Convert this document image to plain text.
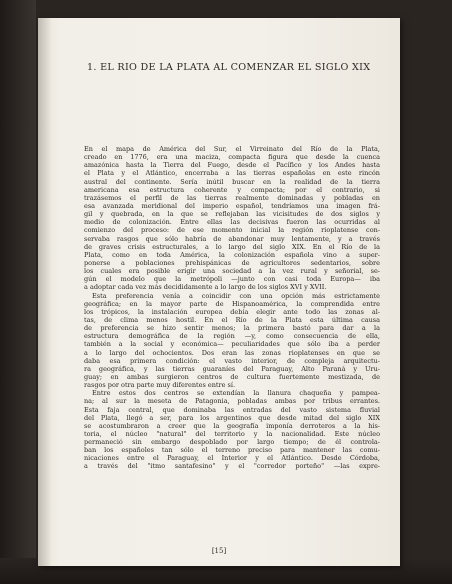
1. EL RIO DE LA PLATA AL COMENZAR EL SIGLO XIX
En el mapa de América del Sur, el Virreinato del Río de la Plata,
creado en 1776, era una maciza, compacta figura que desde la cuenca
amazónica hasta la Tierra del Fuego, desde el Pacífico y los Andes hasta
el Plata y el Atlántico, encerraba a las tierras españolas en este rincón
austral del continente. Sería inútil buscar en la realidad de la tierra
americana esa estructura coherente y compacta; por el contrario, si
trazásemos el perfil de las tierras realmente dominadas y pobladas en
esa avanzada meridional del imperio español, tendríamos una imagen frá-
gil y quebrada, en la que se reflejaban las vicisitudes de dos siglos y
medio de colonización. Entre ellas las decisivas fueron las ocurridas al
comienzo del proceso: de ese momento inicial la región rioplatense con-
servaba rasgos que sólo habría de abandonar muy lentamente, y a través
de graves crisis estructurales, a lo largo del siglo XIX. En el Río de la
Plata, como en toda América, la colonización española vino a super-
ponerse a poblaciones prehispánicas de agricultores sedentarios, sobre
los cuales era posible erigir una sociedad a la vez rural y señorial, se-
gún el modelo que la metrópoli —junto con casi toda Europa— iba
a adoptar cada vez más decididamente a lo largo de los siglos XVI y XVII.
Esta preferencia venía a coincidir con una opción más estrictamente
geográfica; en la mayor parte de Hispanoamérica, la comprendida entre
los trópicos, la instalación europea debía elegir ante todo las zonas al-
tas, de clima menos hostil. En el Río de la Plata esta última causa
de preferencia se hizo sentir menos; la primera bastó para dar a la
estructura demográfica de la región —y, como consecuencia de ella,
también a la social y económica— peculiaridades que sólo iba a perder
a lo largo del ochocientos. Dos eran las zonas rioplatenses en que se
daba esa primera condición: el vasto interior, de compleja arquitectu-
ra geográfica, y las tierras guaraníes del Paraguay, Alto Paraná y Uru-
guay; en ambas surgieron centros de cultura fuertemente mestizada, de
rasgos por otra parte muy diferentes entre sí.
Entre estos dos centros se extendían la llanura chaqueña y pampea-
na; al sur la meseta de Patagonia, pobladas ambas por tribus errantes.
Esta faja central, que dominaba las entradas del vasto sistema fluvial
del Plata, llegó a ser, para los argentinos que desde mitad del siglo XIX
se acostumbraron a creer que la geografía imponía derroteros a la his-
toria, el núcleo "natural" del territorio y la nacionalidad. Este núcleo
permaneció sin embargo despoblado por largo tiempo; de él controla-
ban los españoles tan sólo el terreno preciso para mantener las comu-
nicaciones entre el Paraguay, el Interior y el Atlántico. Desde Córdoba,
a través del "itmo santafesino" y el "corredor porteño" —las expre-
[15]
